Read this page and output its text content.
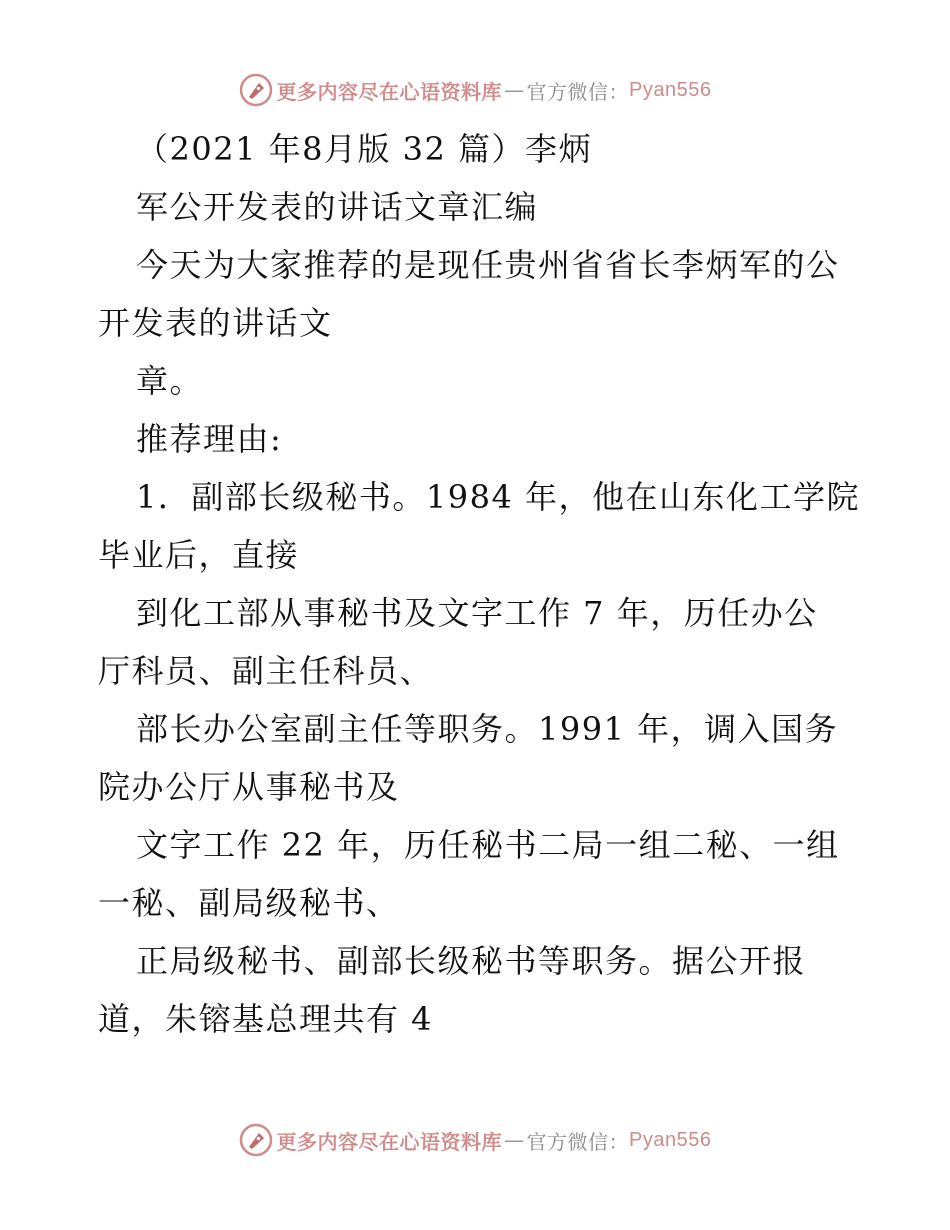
更多内容尽在心语资料库 — 官方微信： Pyan556
（2021 年8月版 32 篇）李炳
军公开发表的讲话文章汇编
今天为大家推荐的是现任贵州省省长李炳军的公
开发表的讲话文
章。
推荐理由:
1．副部长级秘书。1984 年，他在山东化工学院
毕业后，直接
到化工部从事秘书及文字工作 7 年，历任办公
厅科员、副主任科员、
部长办公室副主任等职务。1991 年，调入国务
院办公厅从事秘书及
文字工作 22 年，历任秘书二局一组二秘、一组
一秘、副局级秘书、
正局级秘书、副部长级秘书等职务。据公开报
道，朱镕基总理共有 4
更多内容尽在心语资料库 — 官方微信： Pyan556
